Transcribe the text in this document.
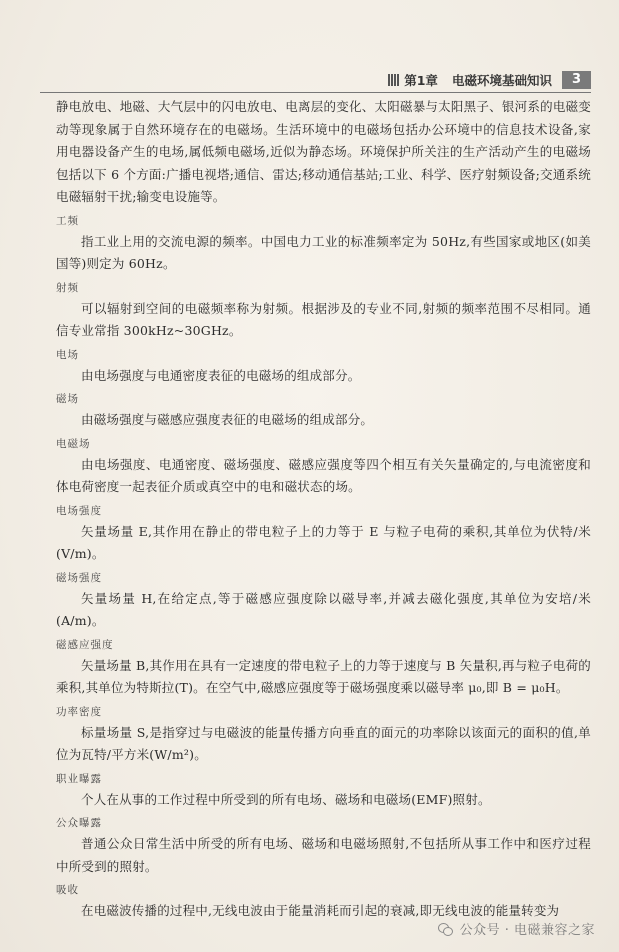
第1章 电磁环境基础知识	3

静电放电、地磁、大气层中的闪电放电、电离层的变化、太阳磁暴与太阳黑子、银河系的电磁变动等现象属于自然环境存在的电磁场。生活环境中的电磁场包括办公环境中的信息技术设备,家用电器设备产生的电场,属低频电磁场,近似为静态场。环境保护所关注的生产活动产生的电磁场包括以下 6 个方面:广播电视塔;通信、雷达;移动通信基站;工业、科学、医疗射频设备;交通系统电磁辐射干扰;输变电设施等。

工频

指工业上用的交流电源的频率。中国电力工业的标准频率定为 50Hz,有些国家或地区(如美国等)则定为 60Hz。

射频

可以辐射到空间的电磁频率称为射频。根据涉及的专业不同,射频的频率范围不尽相同。通信专业常指 300kHz~30GHz。

电场

由电场强度与电通密度表征的电磁场的组成部分。

磁场

由磁场强度与磁感应强度表征的电磁场的组成部分。

电磁场

由电场强度、电通密度、磁场强度、磁感应强度等四个相互有关矢量确定的,与电流密度和体电荷密度一起表征介质或真空中的电和磁状态的场。

电场强度

矢量场量 E,其作用在静止的带电粒子上的力等于 E 与粒子电荷的乘积,其单位为伏特/米(V/m)。

磁场强度

矢量场量 H,在给定点,等于磁感应强度除以磁导率,并减去磁化强度,其单位为安培/米(A/m)。

磁感应强度

矢量场量 B,其作用在具有一定速度的带电粒子上的力等于速度与 B 矢量积,再与粒子电荷的乘积,其单位为特斯拉(T)。在空气中,磁感应强度等于磁场强度乘以磁导率 μ₀,即 B = μ₀H。

功率密度

标量场量 S,是指穿过与电磁波的能量传播方向垂直的面元的功率除以该面元的面积的值,单位为瓦特/平方米(W/m²)。

职业曝露

个人在从事的工作过程中所受到的所有电场、磁场和电磁场(EMF)照射。

公众曝露

普通公众日常生活中所受的所有电场、磁场和电磁场照射,不包括所从事工作中和医疗过程中所受到的照射。

吸收

在电磁波传播的过程中,无线电波由于能量消耗而引起的衰减,即无线电波的能量转变为

公众号 · 电磁兼容之家
